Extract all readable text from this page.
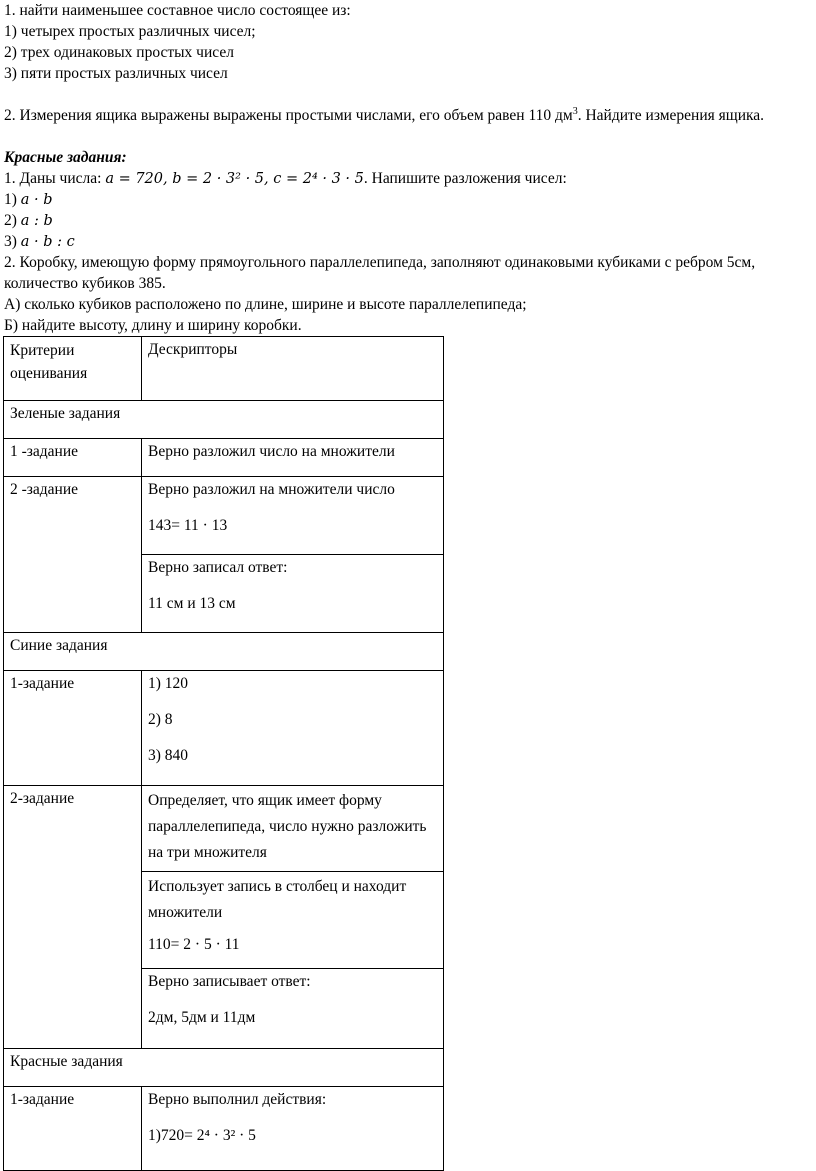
1. найти наименьшее составное число состоящее из:
1) четырех простых различных чисел;
2) трех одинаковых простых чисел
3) пяти простых различных чисел
2. Измерения ящика выражены выражены простыми числами, его объем равен 110 $дм^3$. Найдите измерения ящика.
Красные задания:
1. Даны числа: a = 720, b = 2 · 3² · 5, c = 2⁴ · 3 · 5. Напишите разложения чисел:
1) a · b
2) a : b
3) a · b : c
2. Коробку, имеющую форму прямоугольного параллелепипеда, заполняют одинаковыми кубиками с ребром 5см, количество кубиков 385.
А) сколько кубиков расположено по длине, ширине и высоте параллелепипеда;
Б) найдите высоту, длину и ширину коробки.

Критерии оценивания	Дескрипторы

Зеленые задания	

1 -задание	Верно разложил число на множители
2 -задание	Верно разложил на множители число

143= 11 · 13

	Верно записал ответ:

11 см и 13 см

Синие задания	

1-задание	1) 120

2) 8

3) 840

2-задание	Определяет, что ящик имеет форму параллелепипеда, число нужно разложить на три множителя

	Использует запись в столбец и находит множители

110= 2 · 5 · 11

	Верно записывает ответ:

2дм, 5дм и 11дм

Красные задания	

1-задание	Верно выполнил действия:

1)720= 2⁴ · 3² · 5
